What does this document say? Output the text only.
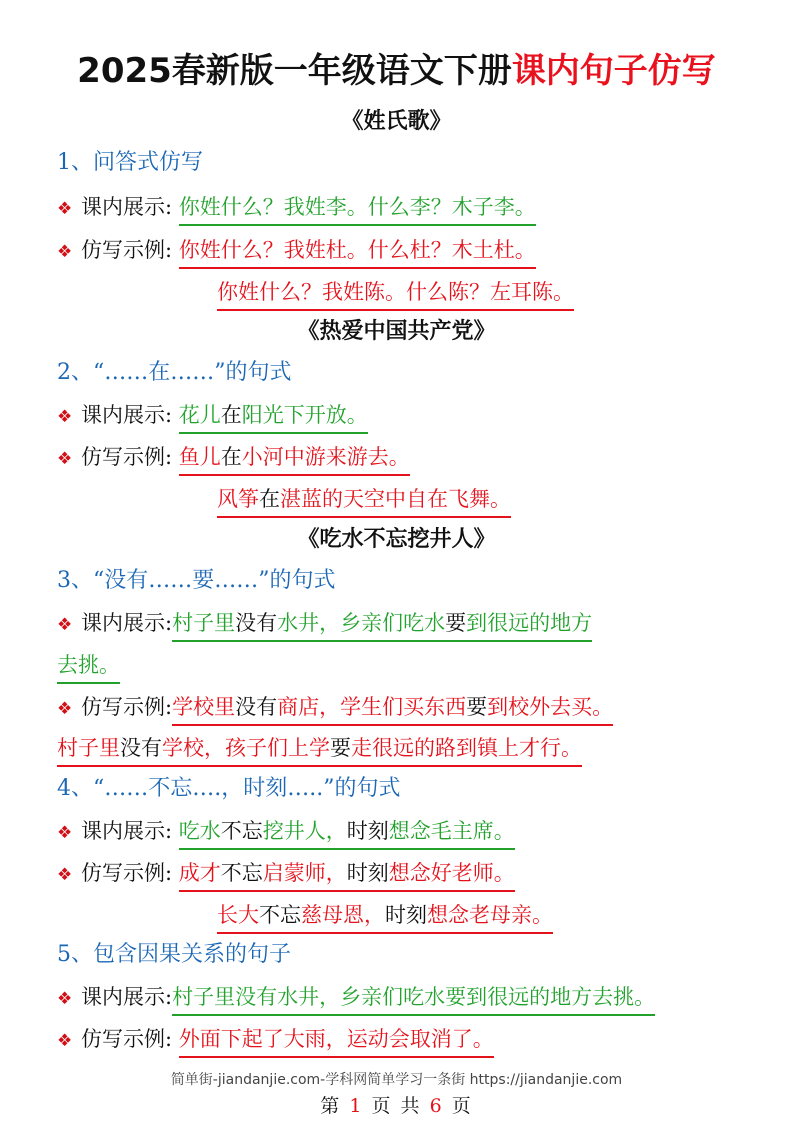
2025春新版一年级语文下册课内句子仿写
《姓氏歌》
1、问答式仿写
❖ 课内展示: 你姓什么？我姓李。什么李？木子李。
❖ 仿写示例: 你姓什么？我姓杜。什么杜？木土杜。
你姓什么？我姓陈。什么陈？左耳陈。
《热爱中国共产党》
2、“……在……”的句式
❖ 课内展示: 花儿在阳光下开放。
❖ 仿写示例: 鱼儿在小河中游来游去。
风筝在湛蓝的天空中自在飞舞。
《吃水不忘挖井人》
3、“没有……要……”的句式
❖ 课内展示:村子里没有水井，乡亲们吃水要到很远的地方
去挑。
❖ 仿写示例:学校里没有商店，学生们买东西要到校外去买。
村子里没有学校，孩子们上学要走很远的路到镇上才行。
4、“……不忘….，时刻…..”的句式
❖ 课内展示: 吃水不忘挖井人，时刻想念毛主席。
❖ 仿写示例: 成才不忘启蒙师，时刻想念好老师。
长大不忘慈母恩，时刻想念老母亲。
5、包含因果关系的句子
❖ 课内展示:村子里没有水井，乡亲们吃水要到很远的地方去挑。
❖ 仿写示例: 外面下起了大雨，运动会取消了。
简单街-jiandanjie.com-学科网简单学习一条街 https://jiandanjie.com
第 1 页 共 6 页
